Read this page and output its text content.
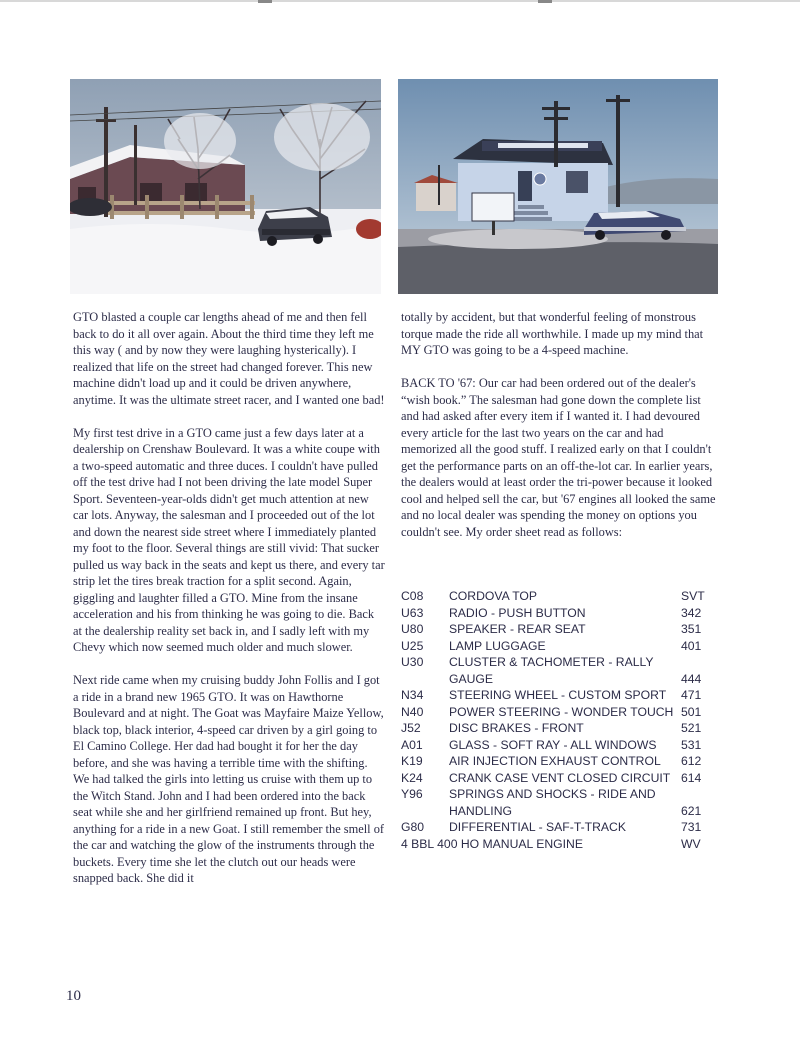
GTO blasted a couple car lengths ahead of me and then fell back to do it all over again. About the third time they left me this way ( and by now they were laughing hysterically). I realized that life on the street had changed forever. This new machine didn't load up and it could be driven anywhere, anytime. It was the ultimate street racer, and I wanted one bad!

My first test drive in a GTO came just a few days later at a dealership on Crenshaw Boulevard. It was a white coupe with a two-speed automatic and three duces. I couldn't have pulled off the test drive had I not been driving the late model Super Sport. Seventeen-year-olds didn't get much attention at new car lots. Anyway, the salesman and I proceeded out of the lot and down the nearest side street where I immediately planted my foot to the floor. Several things are still vivid: That sucker pulled us way back in the seats and kept us there, and every tar strip let the tires break traction for a split second. Again, giggling and laughter filled a GTO. Mine from the insane acceleration and his from thinking he was going to die. Back at the dealership reality set back in, and I sadly left with my Chevy which now seemed much older and much slower.

Next ride came when my cruising buddy John Follis and I got a ride in a brand new 1965 GTO. It was on Hawthorne Boulevard and at night. The Goat was Mayfaire Maize Yellow, black top, black interior, 4-speed car driven by a girl going to El Camino College. Her dad had bought it for her the day before, and she was having a terrible time with the shifting. We had talked the girls into letting us cruise with them up to the Witch Stand. John and I had been ordered into the back seat while she and her girlfriend remained up front. But hey, anything for a ride in a new Goat. I still remember the smell of the car and watching the glow of the instruments through the buckets. Every time she let the clutch out our heads were snapped back. She did it

totally by accident, but that wonderful feeling of monstrous torque made the ride all worthwhile. I made up my mind that MY GTO was going to be a 4-speed machine.

BACK TO '67: Our car had been ordered out of the dealer's “wish book.” The salesman had gone down the complete list and had asked after every item if I wanted it. I had devoured every article for the last two years on the car and had memorized all the good stuff. I realized early on that I couldn't get the performance parts on an off-the-lot car. In earlier years, the dealers would at least order the tri-power because it looked cool and helped sell the car, but '67 engines all looked the same and no local dealer was spending the money on options you couldn't see. My order sheet read as follows:

C08	CORDOVA TOP	SVT
U63	RADIO - PUSH BUTTON	342
U80	SPEAKER - REAR SEAT	351
U25	LAMP LUGGAGE	401
U30	CLUSTER & TACHOMETER - RALLY GAUGE	444
N34	STEERING WHEEL - CUSTOM SPORT	471
N40	POWER STEERING - WONDER TOUCH 501
J52	DISC BRAKES - FRONT	521
A01	GLASS - SOFT RAY - ALL WINDOWS	531
K19	AIR INJECTION EXHAUST CONTROL	612
K24	CRANK CASE VENT CLOSED CIRCUIT 614
Y96	SPRINGS AND SHOCKS - RIDE AND HANDLING	621
G80	DIFFERENTIAL - SAF-T-TRACK	731
4 BBL 400 HO MANUAL ENGINE	WV
10
